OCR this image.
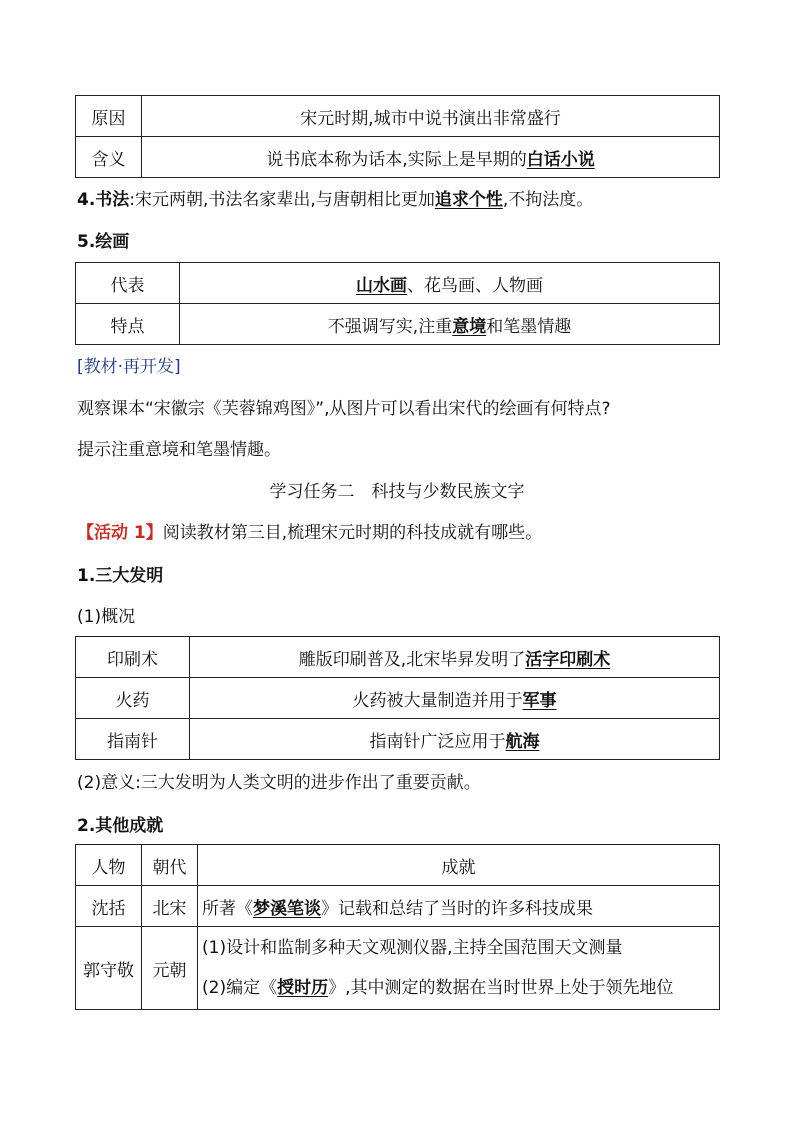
原因	宋元时期,城市中说书演出非常盛行
含义	说书底本称为话本,实际上是早期的白话小说
4.书法:宋元两朝,书法名家辈出,与唐朝相比更加追求个性,不拘法度。
5.绘画
代表	山水画、花鸟画、人物画
特点	不强调写实,注重意境和笔墨情趣
[教材·再开发]
观察课本“宋徽宗《芙蓉锦鸡图》”,从图片可以看出宋代的绘画有何特点?
提示注重意境和笔墨情趣。
学习任务二　科技与少数民族文字
【活动 1】阅读教材第三目,梳理宋元时期的科技成就有哪些。
1.三大发明
(1)概况
印刷术	雕版印刷普及,北宋毕昇发明了活字印刷术
火药	火药被大量制造并用于军事
指南针	指南针广泛应用于航海
(2)意义:三大发明为人类文明的进步作出了重要贡献。
2.其他成就
人物	朝代	成就
沈括	北宋	所著《梦溪笔谈》记载和总结了当时的许多科技成果
郭守敬	元朝	(1)设计和监制多种天文观测仪器,主持全国范围天文测量
(2)编定《授时历》,其中测定的数据在当时世界上处于领先地位
